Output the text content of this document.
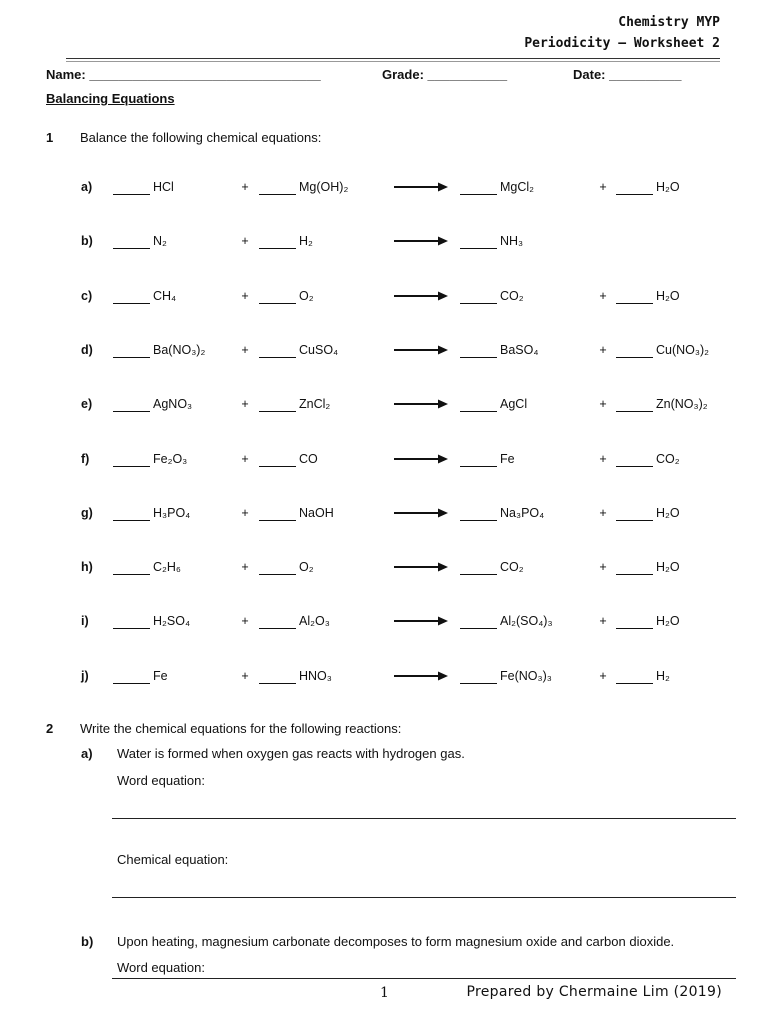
Chemistry MYP
Periodicity – Worksheet 2
Name: ________________________________	Grade: ___________	Date: __________
Balancing Equations
1 Balance the following chemical equations:
a)	HCl	+	Mg(OH)₂	MgCl₂	+	H₂O
b)	N₂	+	H₂	NH₃
c)	CH₄	+	O₂	CO₂	+	H₂O
d)	Ba(NO₃)₂	+	CuSO₄	BaSO₄	+	Cu(NO₃)₂
e)	AgNO₃	+	ZnCl₂	AgCl	+	Zn(NO₃)₂
f)	Fe₂O₃	+	CO	Fe	+	CO₂
g)	H₃PO₄	+	NaOH	Na₃PO₄	+	H₂O
h)	C₂H₆	+	O₂	CO₂	+	H₂O
i)	H₂SO₄	+	Al₂O₃	Al₂(SO₄)₃	+	H₂O
j)	Fe	+	HNO₃	Fe(NO₃)₃	+	H₂
2 Write the chemical equations for the following reactions:
a) Water is formed when oxygen gas reacts with hydrogen gas.
Word equation:
Chemical equation:
b) Upon heating, magnesium carbonate decomposes to form magnesium oxide and carbon dioxide.
Word equation:
1	Prepared by Chermaine Lim (2019)
